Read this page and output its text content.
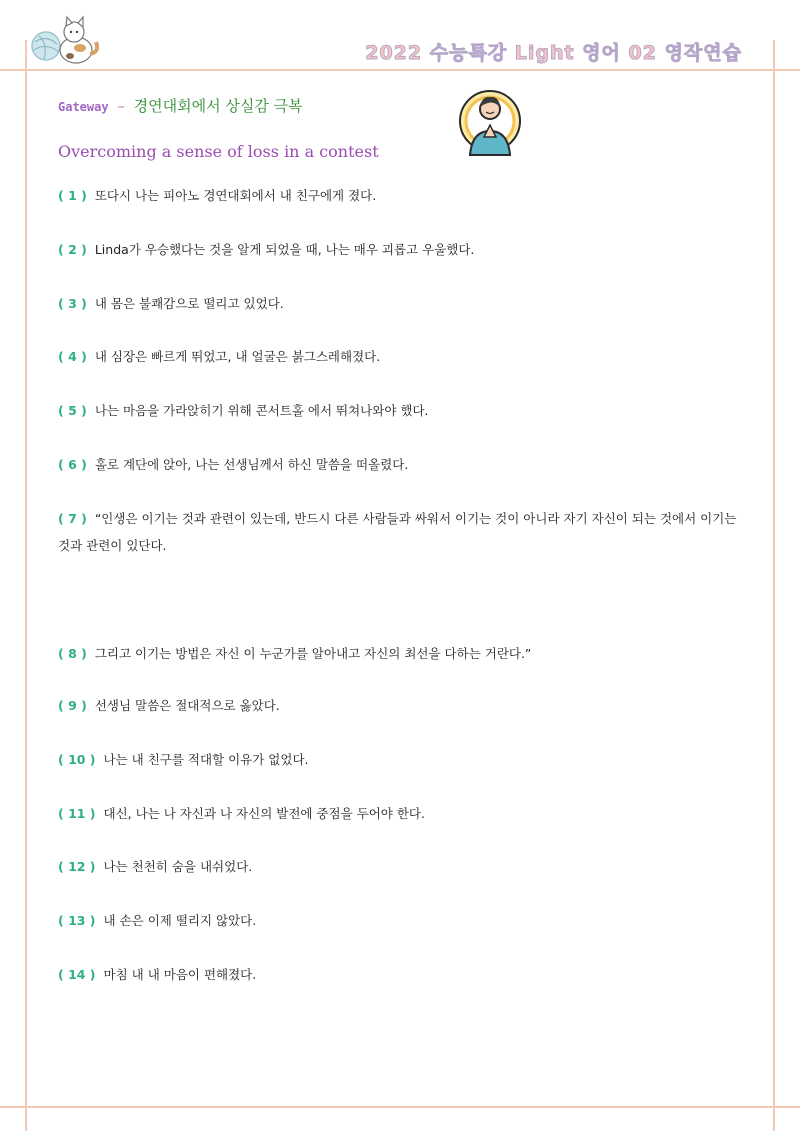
2022 수능특강 Light 영어 02 영작연습
Gateway – 경연대회에서 상실감 극복
Overcoming a sense of loss in a contest
( 1 ) 또다시 나는 피아노 경연대회에서 내 친구에게 졌다.
( 2 ) Linda가 우승했다는 것을 알게 되었을 때, 나는 매우 괴롭고 우울했다.
( 3 ) 내 몸은 불쾌감으로 떨리고 있었다.
( 4 ) 내 심장은 빠르게 뛰었고, 내 얼굴은 붉그스레해졌다.
( 5 ) 나는 마음을 가라앉히기 위해 콘서트홀 에서 뛰쳐나와야 했다.
( 6 ) 홀로 계단에 앉아, 나는 선생님께서 하신 말씀을 떠올렸다.
( 7 ) “인생은 이기는 것과 관련이 있는데, 반드시 다른 사람들과 싸워서 이기는 것이 아니라 자기 자신이 되는 것에서 이기는 것과 관련이 있단다.
( 8 ) 그리고 이기는 방법은 자신 이 누군가를 알아내고 자신의 최선을 다하는 거란다.”
( 9 ) 선생님 말씀은 절대적으로 옳았다.
( 10 ) 나는 내 친구를 적대할 이유가 없었다.
( 11 ) 대신, 나는 나 자신과 나 자신의 발전에 중점을 두어야 한다.
( 12 ) 나는 천천히 숨을 내쉬었다.
( 13 ) 내 손은 이제 떨리지 않았다.
( 14 ) 마침 내 내 마음이 편해졌다.
